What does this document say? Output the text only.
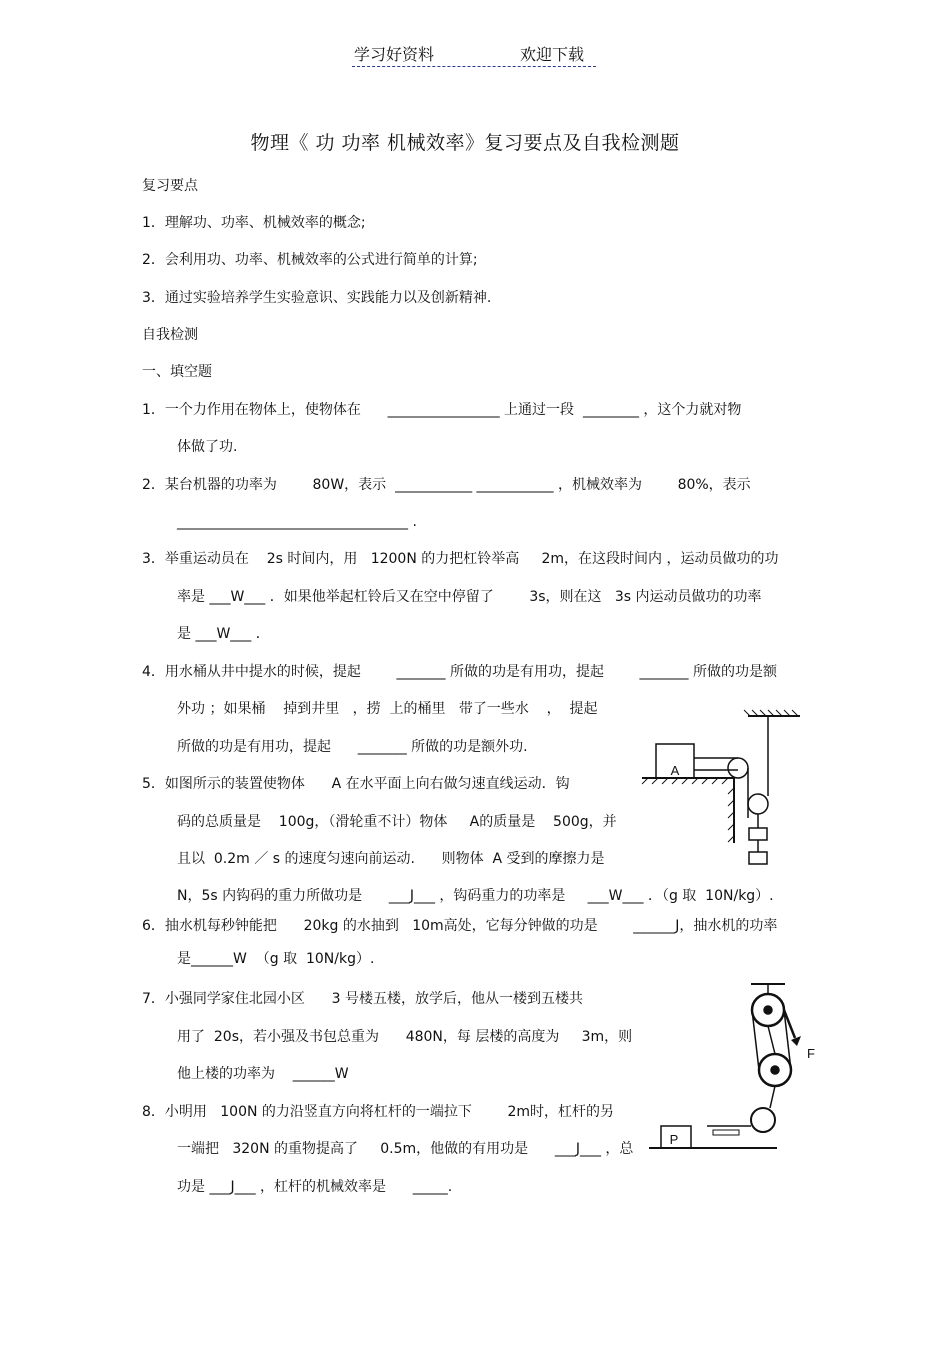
学习好资料	欢迎下载
物理《 功 功率 机械效率》复习要点及自我检测题
复习要点
1．理解功、功率、机械效率的概念;
2．会利用功、功率、机械效率的公式进行简单的计算;
3．通过实验培养学生实验意识、实践能力以及创新精神.
自我检测
一、填空题
1．一个力作用在物体上，使物体在      ________________ 上通过一段  ________ ，这个力就对物
体做了功.
2．某台机器的功率为        80W，表示  ___________ ___________ ，机械效率为        80%，表示
_________________________________ .
3．举重运动员在    2s 时间内，用   1200N 的力把杠铃举高     2m，在这段时间内 ，运动员做功的功
率是 ___W___ ．如果他举起杠铃后又在空中停留了        3s，则在这   3s 内运动员做功的功率
是 ___W___ ．
4．用水桶从井中提水的时候，提起        _______ 所做的功是有用功，提起        _______ 所做的功是额
外功 ；如果桶    掉到井里   ，捞  上的桶里   带了一些水    ，  提起
所做的功是有用功，提起      _______ 所做的功是额外功.
5．如图所示的装置使物体      A 在水平面上向右做匀速直线运动．钩
码的总质量是    100g，（滑轮重不计）物体     A的质量是    500g，并
且以  0.2m ／ s 的速度匀速向前运动.      则物体  A 受到的摩擦力是
N，5s 内钩码的重力所做功是      ___J___ ，钩码重力的功率是     ___W___ ．（g 取  10N/kg）.
6．抽水机每秒钟能把      20kg 的水抽到   10m高处，它每分钟做的功是        ______J，抽水机的功率
是______W  （g 取  10N/kg）.
7．小强同学家住北园小区      3 号楼五楼，放学后，他从一楼到五楼共
用了  20s，若小强及书包总重为      480N，每 层楼的高度为     3m，则
他上楼的功率为    ______W
8．小明用   100N 的力沿竖直方向将杠杆的一端拉下        2m时，杠杆的另
一端把   320N 的重物提高了     0.5m，他做的有用功是      ___J___ ，总
功是 ___J___ ，杠杆的机械效率是      _____.
A
P
F
